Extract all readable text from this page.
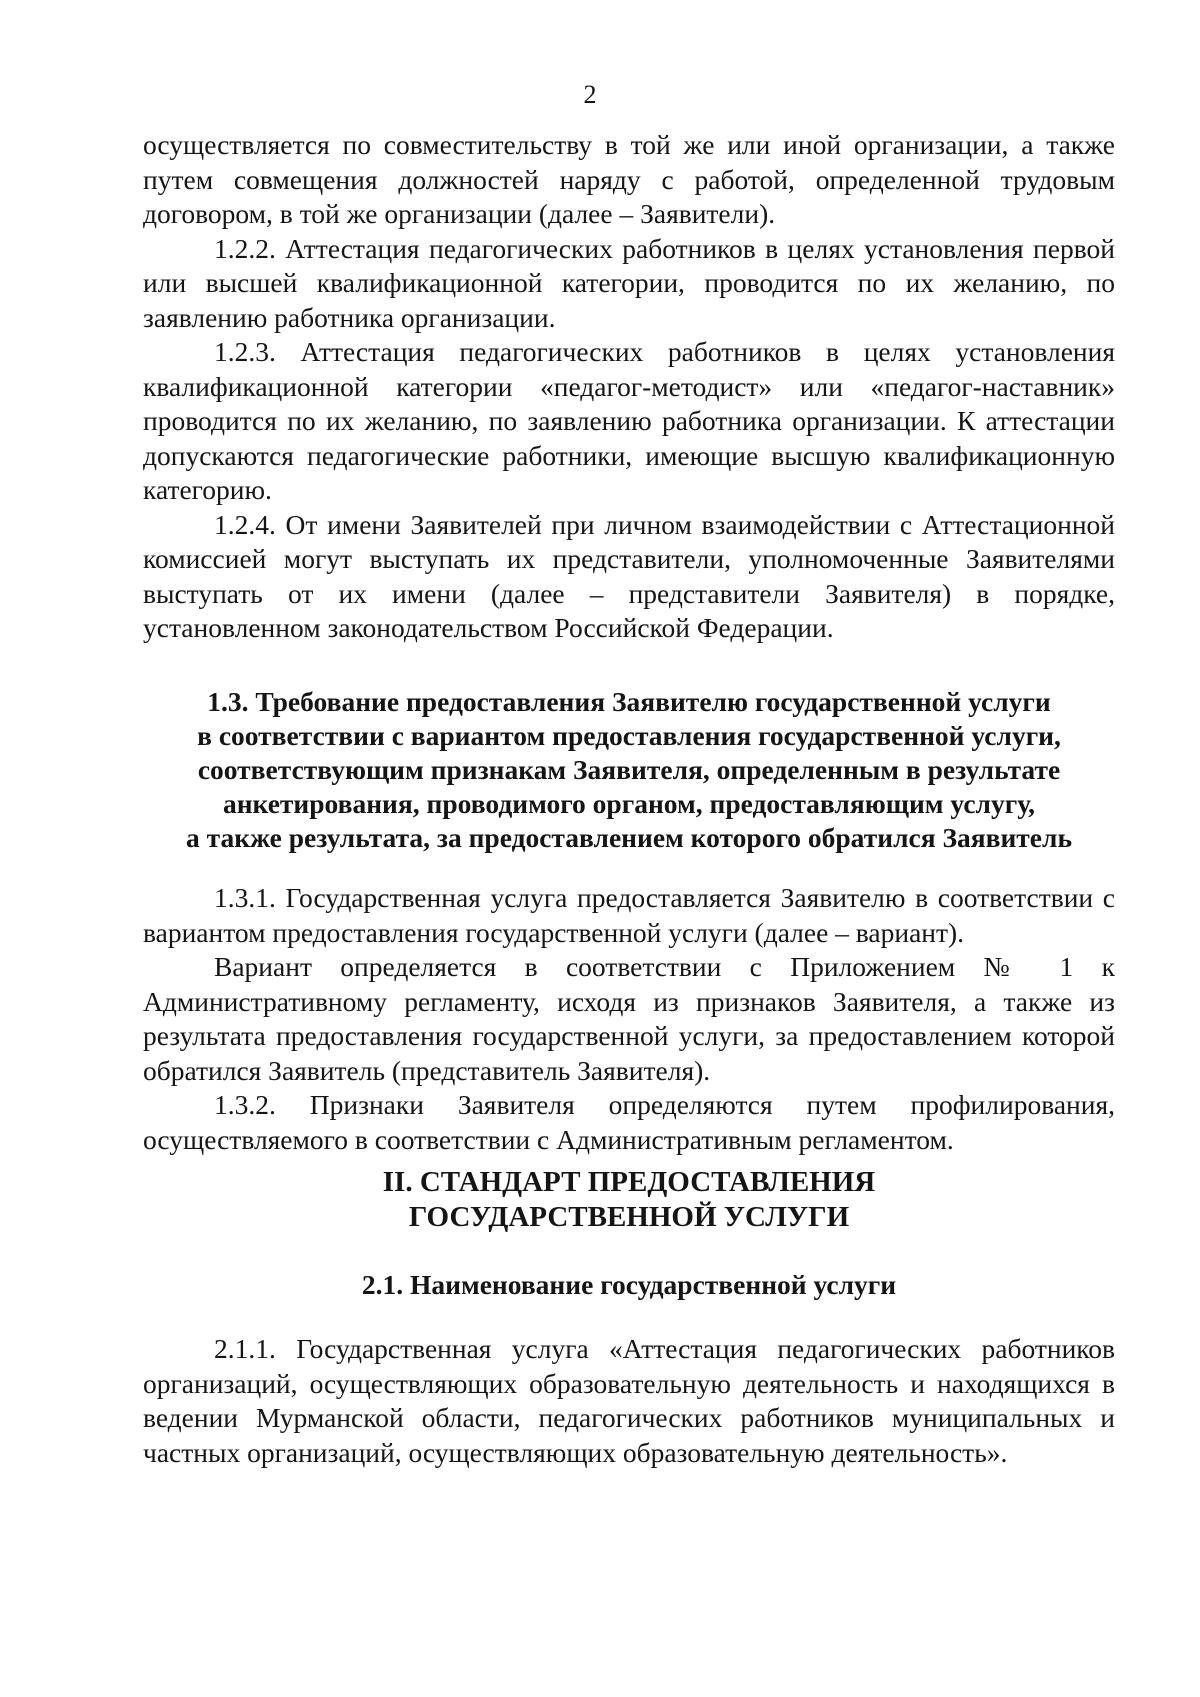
2

осуществляется по совместительству в той же или иной организации, а также путем совмещения должностей наряду с работой, определенной трудовым договором, в той же организации (далее – Заявители).

1.2.2. Аттестация педагогических работников в целях установления первой или высшей квалификационной категории, проводится по их желанию, по заявлению работника организации.

1.2.3. Аттестация педагогических работников в целях установления квалификационной категории «педагог-методист» или «педагог-наставник» проводится по их желанию, по заявлению работника организации. К аттестации допускаются педагогические работники, имеющие высшую квалификационную категорию.

1.2.4. От имени Заявителей при личном взаимодействии с Аттестационной комиссией могут выступать их представители, уполномоченные Заявителями выступать от их имени (далее – представители Заявителя) в порядке, установленном законодательством Российской Федерации.

1.3. Требование предоставления Заявителю государственной услуги
в соответствии с вариантом предоставления государственной услуги,
соответствующим признакам Заявителя, определенным в результате
анкетирования, проводимого органом, предоставляющим услугу,
а также результата, за предоставлением которого обратился Заявитель

1.3.1. Государственная услуга предоставляется Заявителю в соответствии с вариантом предоставления государственной услуги (далее – вариант).

Вариант определяется в соответствии с Приложением № 1 к Административному регламенту, исходя из признаков Заявителя, а также из результата предоставления государственной услуги, за предоставлением которой обратился Заявитель (представитель Заявителя).

1.3.2. Признаки Заявителя определяются путем профилирования, осуществляемого в соответствии с Административным регламентом.

II. СТАНДАРТ ПРЕДОСТАВЛЕНИЯ
ГОСУДАРСТВЕННОЙ УСЛУГИ
2.1. Наименование государственной услуги

2.1.1. Государственная услуга «Аттестация педагогических работников организаций, осуществляющих образовательную деятельность и находящихся в ведении Мурманской области, педагогических работников муниципальных и частных организаций, осуществляющих образовательную деятельность».
